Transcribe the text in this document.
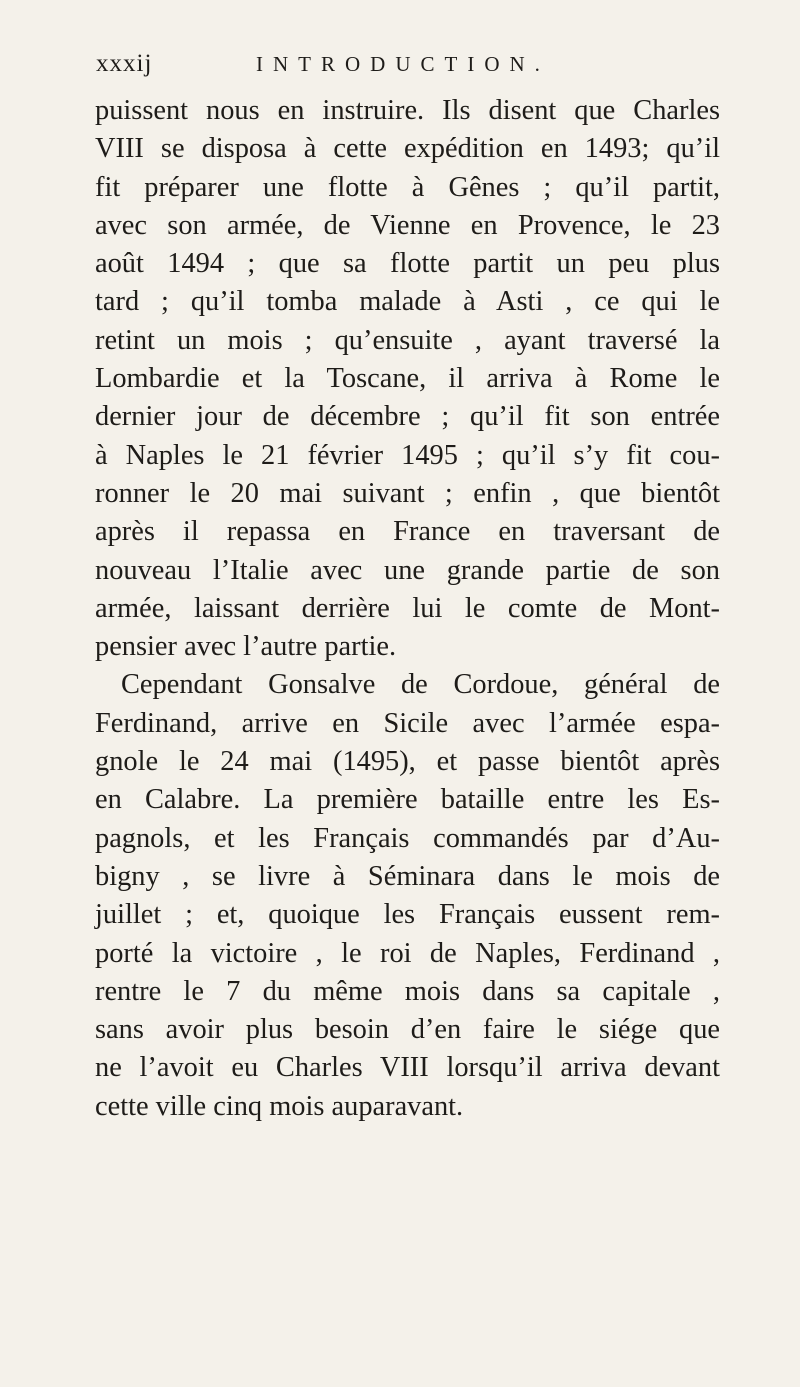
xxxij	INTRODUCTION.
puissent nous en instruire. Ils disent que Charles
VIII se disposa à cette expédition en 1493; qu’il
fit préparer une flotte à Gênes ; qu’il partit,
avec son armée, de Vienne en Provence, le 23
août 1494 ; que sa flotte partit un peu plus
tard ; qu’il tomba malade à Asti , ce qui le
retint un mois ; qu’ensuite , ayant traversé la
Lombardie et la Toscane, il arriva à Rome le
dernier jour de décembre ; qu’il fit son entrée
à Naples le 21 février 1495 ; qu’il s’y fit cou-
ronner le 20 mai suivant ; enfin , que bientôt
après il repassa en France en traversant de
nouveau l’Italie avec une grande partie de son
armée, laissant derrière lui le comte de Mont-
pensier avec l’autre partie.
Cependant Gonsalve de Cordoue, général de
Ferdinand, arrive en Sicile avec l’armée espa-
gnole le 24 mai (1495), et passe bientôt après
en Calabre. La première bataille entre les Es-
pagnols, et les Français commandés par d’Au-
bigny , se livre à Séminara dans le mois de
juillet ; et, quoique les Français eussent rem-
porté la victoire , le roi de Naples, Ferdinand ,
rentre le 7 du même mois dans sa capitale ,
sans avoir plus besoin d’en faire le siége que
ne l’avoit eu Charles VIII lorsqu’il arriva devant
cette ville cinq mois auparavant.
